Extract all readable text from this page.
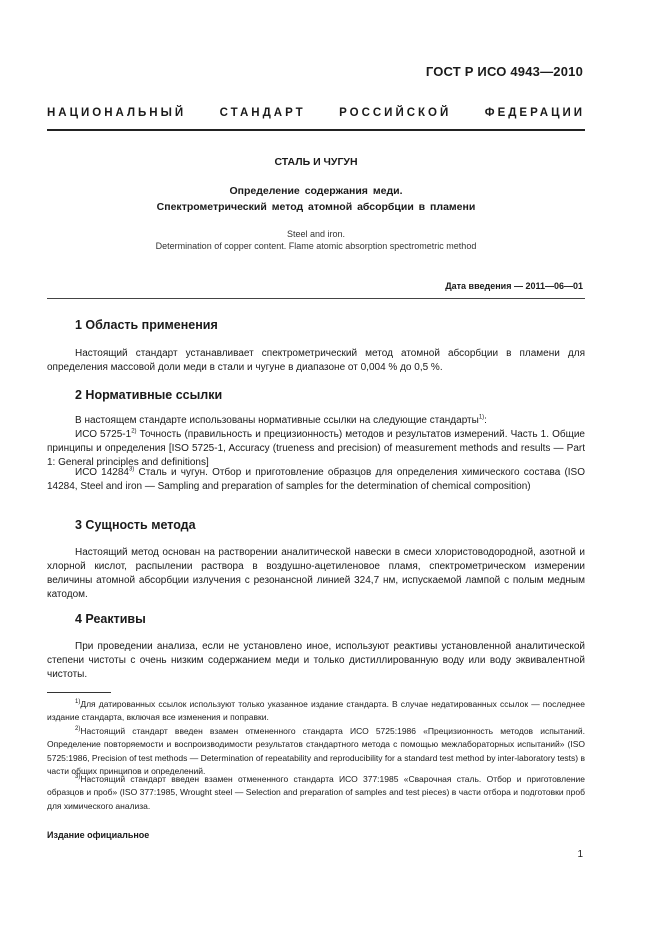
ГОСТ Р ИСО 4943—2010
НАЦИОНАЛЬНЫЙ СТАНДАРТ РОССИЙСКОЙ ФЕДЕРАЦИИ
СТАЛЬ И ЧУГУН
Определение содержания меди.
Спектрометрический метод атомной абсорбции в пламени
Steel and iron.
Determination of copper content. Flame atomic absorption spectrometric method
Дата введения — 2011—06—01
1 Область применения

Настоящий стандарт устанавливает спектрометрический метод атомной абсорбции в пламени для определения массовой доли меди в стали и чугуне в диапазоне от 0,004 % до 0,5 %.

2 Нормативные ссылки

В настоящем стандарте использованы нормативные ссылки на следующие стандарты$^{1)}$:

ИСО 5725-1$^{2)}$ Точность (правильность и прецизионность) методов и результатов измерений. Часть 1. Общие принципы и определения [ISO 5725-1, Accuracy (trueness and precision) of measurement methods and results — Part 1: General principles and definitions]

ИСО 14284$^{3)}$ Сталь и чугун. Отбор и приготовление образцов для определения химического состава (ISO 14284, Steel and iron — Sampling and preparation of samples for the determination of chemical composition)

3 Сущность метода

Настоящий метод основан на растворении аналитической навески в смеси хлористоводородной, азотной и хлорной кислот, распылении раствора в воздушно-ацетиленовое пламя, спектрометрическом измерении величины атомной абсорбции излучения с резонансной линией 324,7 нм, испускаемой лампой с полым медным катодом.

4 Реактивы

При проведении анализа, если не установлено иное, используют реактивы установленной аналитической степени чистоты с очень низким содержанием меди и только дистиллированную воду или воду эквивалентной чистоты.

$^{1)}$Для датированных ссылок используют только указанное издание стандарта. В случае недатированных ссылок — последнее издание стандарта, включая все изменения и поправки.

$^{2)}$Настоящий стандарт введен взамен отмененного стандарта ИСО 5725:1986 «Прецизионность методов испытаний. Определение повторяемости и воспроизводимости результатов стандартного метода с помощью межлабораторных испытаний» (ISO 5725:1986, Precision of test methods — Determination of repeatability and reproducibility for a standard test method by inter-laboratory tests) в части общих принципов и определений.

$^{3)}$Настоящий стандарт введен взамен отмененного стандарта ИСО 377:1985 «Сварочная сталь. Отбор и приготовление образцов и проб» (ISO 377:1985, Wrought steel — Selection and preparation of samples and test pieces) в части отбора и подготовки проб для химического анализа.

Издание официальное
1
